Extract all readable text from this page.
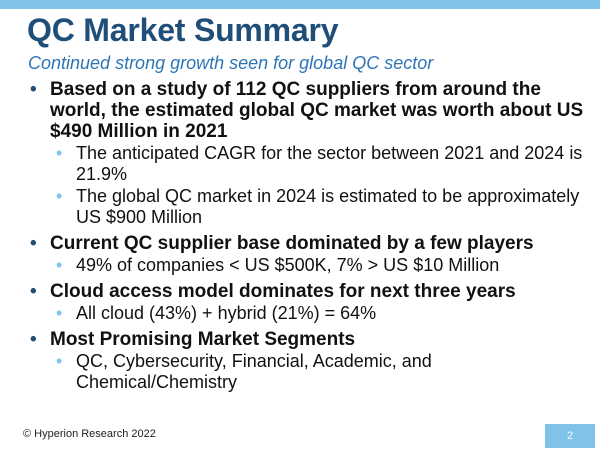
QC Market Summary
Continued strong growth seen for global QC sector
• Based on a study of 112 QC suppliers from around the world, the estimated global QC market was worth about US $490 Million in 2021
• The anticipated CAGR for the sector between 2021 and 2024 is 21.9%
• The global QC market in 2024 is estimated to be approximately US $900 Million
• Current QC supplier base dominated by a few players
• 49% of companies < US $500K, 7% > US $10 Million
• Cloud access model dominates for next three years
• All cloud (43%) + hybrid (21%) = 64%
• Most Promising Market Segments
• QC, Cybersecurity, Financial, Academic, and Chemical/Chemistry
© Hyperion Research 2022	2
